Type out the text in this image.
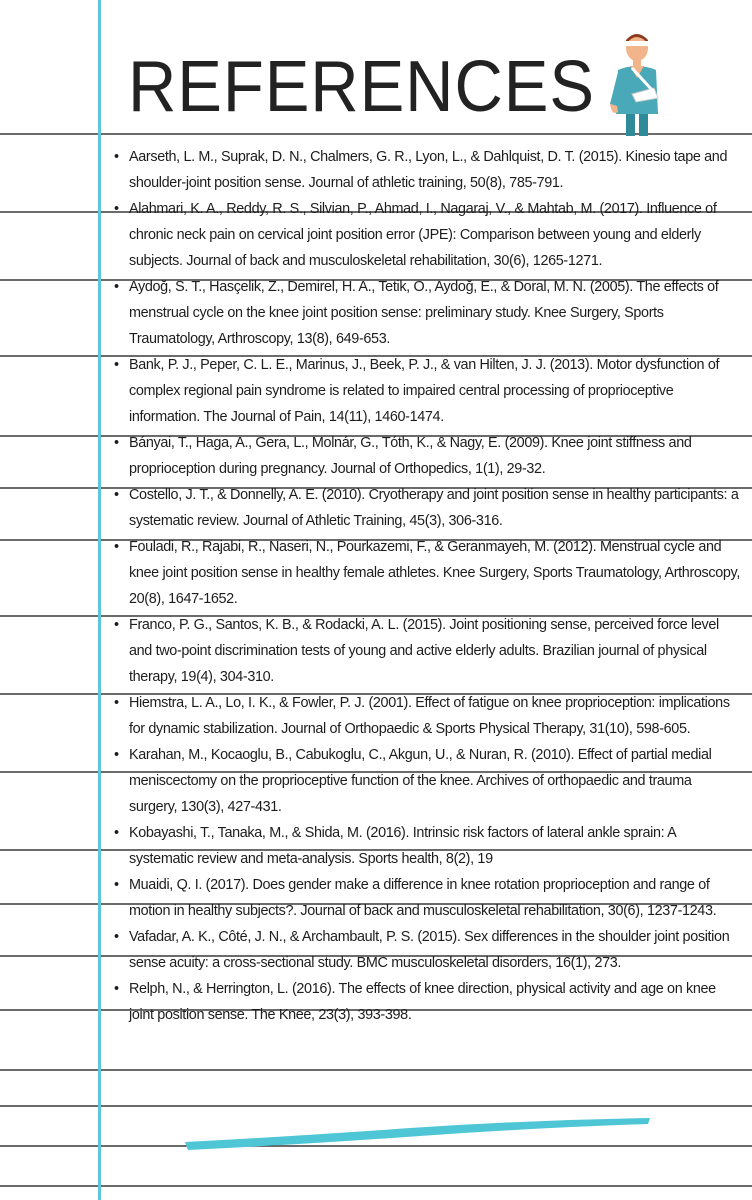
REFERENCES
• Aarseth, L. M., Suprak, D. N., Chalmers, G. R., Lyon, L., & Dahlquist, D. T. (2015). Kinesio tape and shoulder-joint position sense. Journal of athletic training, 50(8), 785-791.
• Alahmari, K. A., Reddy, R. S., Silvian, P., Ahmad, I., Nagaraj, V., & Mahtab, M. (2017). Influence of chronic neck pain on cervical joint position error (JPE): Comparison between young and elderly subjects. Journal of back and musculoskeletal rehabilitation, 30(6), 1265-1271.
• Aydoğ, S. T., Hasçelik, Z., Demirel, H. A., Tetik, O., Aydoğ, E., & Doral, M. N. (2005). The effects of menstrual cycle on the knee joint position sense: preliminary study. Knee Surgery, Sports Traumatology, Arthroscopy, 13(8), 649-653.
• Bank, P. J., Peper, C. L. E., Marinus, J., Beek, P. J., & van Hilten, J. J. (2013). Motor dysfunction of complex regional pain syndrome is related to impaired central processing of proprioceptive information. The Journal of Pain, 14(11), 1460-1474.
• Bányai, T., Haga, A., Gera, L., Molnár, G., Tóth, K., & Nagy, E. (2009). Knee joint stiffness and proprioception during pregnancy. Journal of Orthopedics, 1(1), 29-32.
• Costello, J. T., & Donnelly, A. E. (2010). Cryotherapy and joint position sense in healthy participants: a systematic review. Journal of Athletic Training, 45(3), 306-316.
• Fouladi, R., Rajabi, R., Naseri, N., Pourkazemi, F., & Geranmayeh, M. (2012). Menstrual cycle and knee joint position sense in healthy female athletes. Knee Surgery, Sports Traumatology, Arthroscopy, 20(8), 1647-1652.
• Franco, P. G., Santos, K. B., & Rodacki, A. L. (2015). Joint positioning sense, perceived force level and two-point discrimination tests of young and active elderly adults. Brazilian journal of physical therapy, 19(4), 304-310.
• Hiemstra, L. A., Lo, I. K., & Fowler, P. J. (2001). Effect of fatigue on knee proprioception: implications for dynamic stabilization. Journal of Orthopaedic & Sports Physical Therapy, 31(10), 598-605.
• Karahan, M., Kocaoglu, B., Cabukoglu, C., Akgun, U., & Nuran, R. (2010). Effect of partial medial meniscectomy on the proprioceptive function of the knee. Archives of orthopaedic and trauma surgery, 130(3), 427-431.
• Kobayashi, T., Tanaka, M., & Shida, M. (2016). Intrinsic risk factors of lateral ankle sprain: A systematic review and meta-analysis. Sports health, 8(2), 19
• Muaidi, Q. I. (2017). Does gender make a difference in knee rotation proprioception and range of motion in healthy subjects?. Journal of back and musculoskeletal rehabilitation, 30(6), 1237-1243.
• Vafadar, A. K., Côté, J. N., & Archambault, P. S. (2015). Sex differences in the shoulder joint position sense acuity: a cross-sectional study. BMC musculoskeletal disorders, 16(1), 273.
• Relph, N., & Herrington, L. (2016). The effects of knee direction, physical activity and age on knee joint position sense. The Knee, 23(3), 393-398.
